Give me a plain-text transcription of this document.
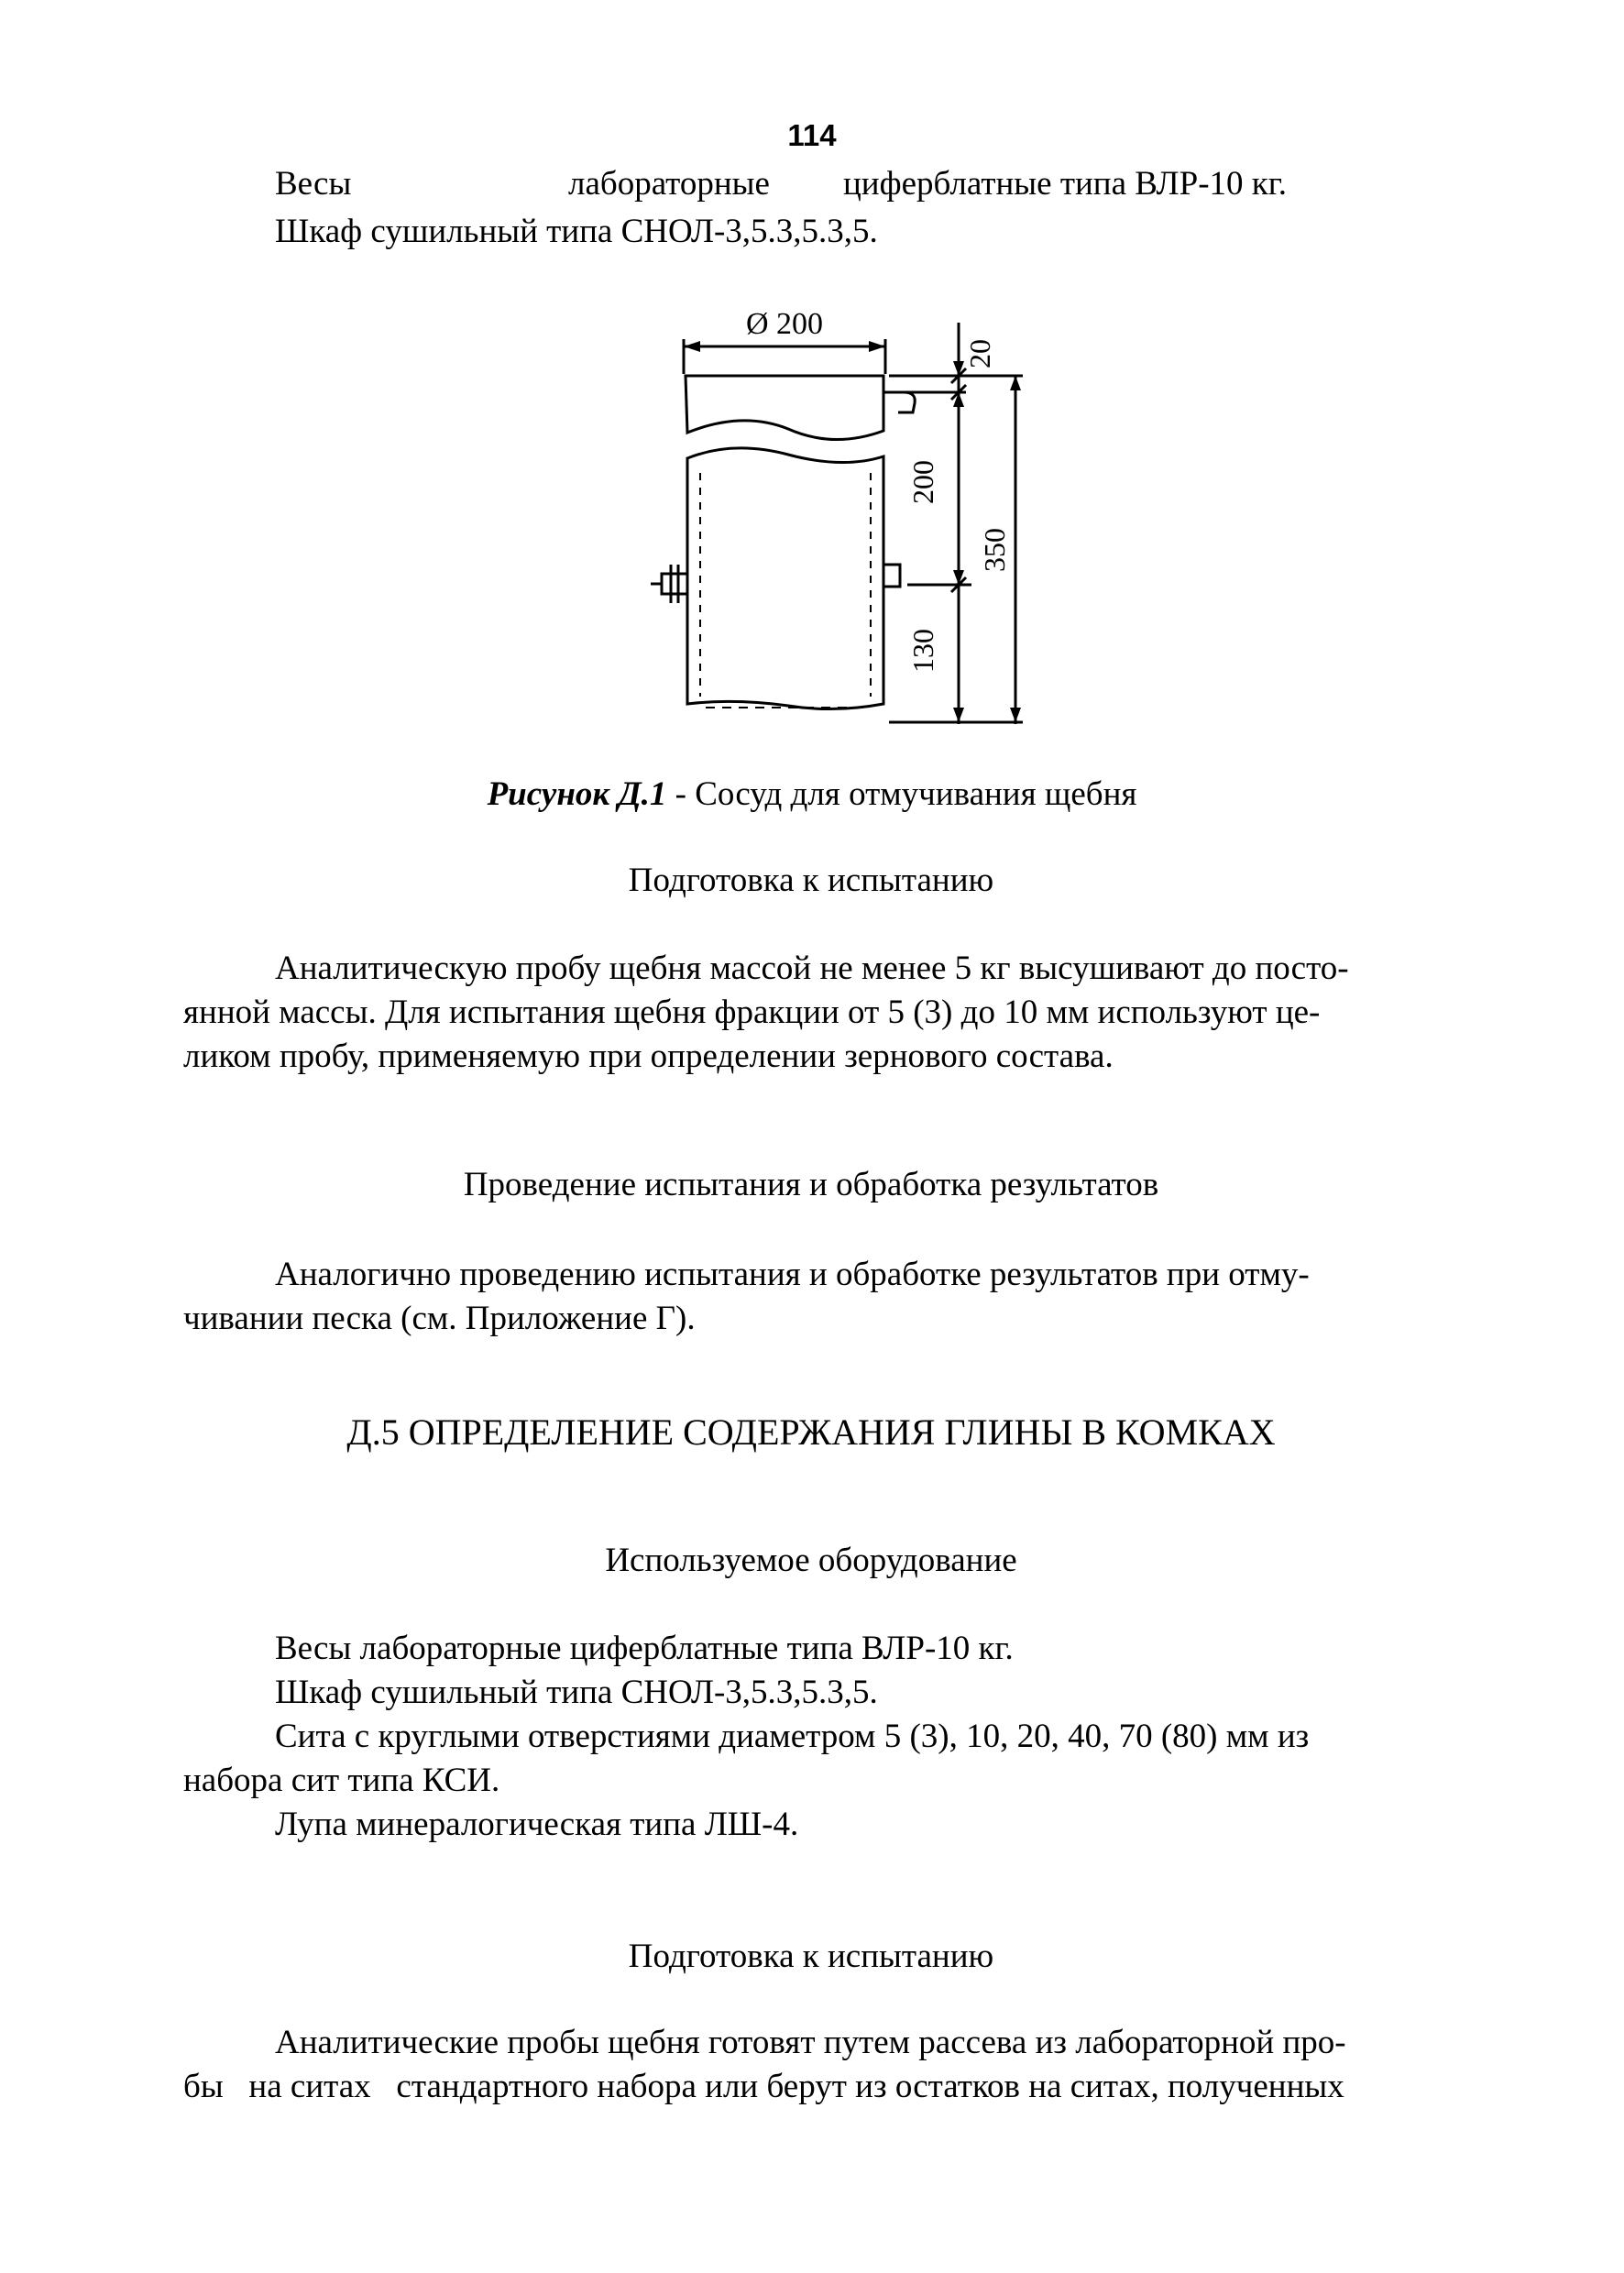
114
Весы	лабораторные циферблатные типа ВЛР-10 кг.
Шкаф сушильный типа СНОЛ-3,5.3,5.3,5.
Ø 200
20
200
350
130
Рисунок Д.1 - Сосуд для отмучивания щебня
Подготовка к испытанию
Аналитическую пробу щебня массой не менее 5 кг высушивают до посто-
янной массы. Для испытания щебня фракции от 5 (3) до 10 мм используют це-
ликом пробу, применяемую при определении зернового состава.
Проведение испытания и обработка результатов
Аналогично проведению испытания и обработке результатов при отму-
чивании песка (см. Приложение Г).
Д.5 ОПРЕДЕЛЕНИЕ СОДЕРЖАНИЯ ГЛИНЫ В КОМКАХ
Используемое оборудование
Весы лабораторные циферблатные типа ВЛР-10 кг.
Шкаф сушильный типа СНОЛ-3,5.3,5.3,5.
Сита с круглыми отверстиями диаметром 5 (3), 10, 20, 40, 70 (80) мм из
набора сит типа КСИ.
Лупа минералогическая типа ЛШ-4.
Подготовка к испытанию
Аналитические пробы щебня готовят путем рассева из лабораторной про-
бы   на ситах   стандартного набора или берут из остатков на ситах, полученных
